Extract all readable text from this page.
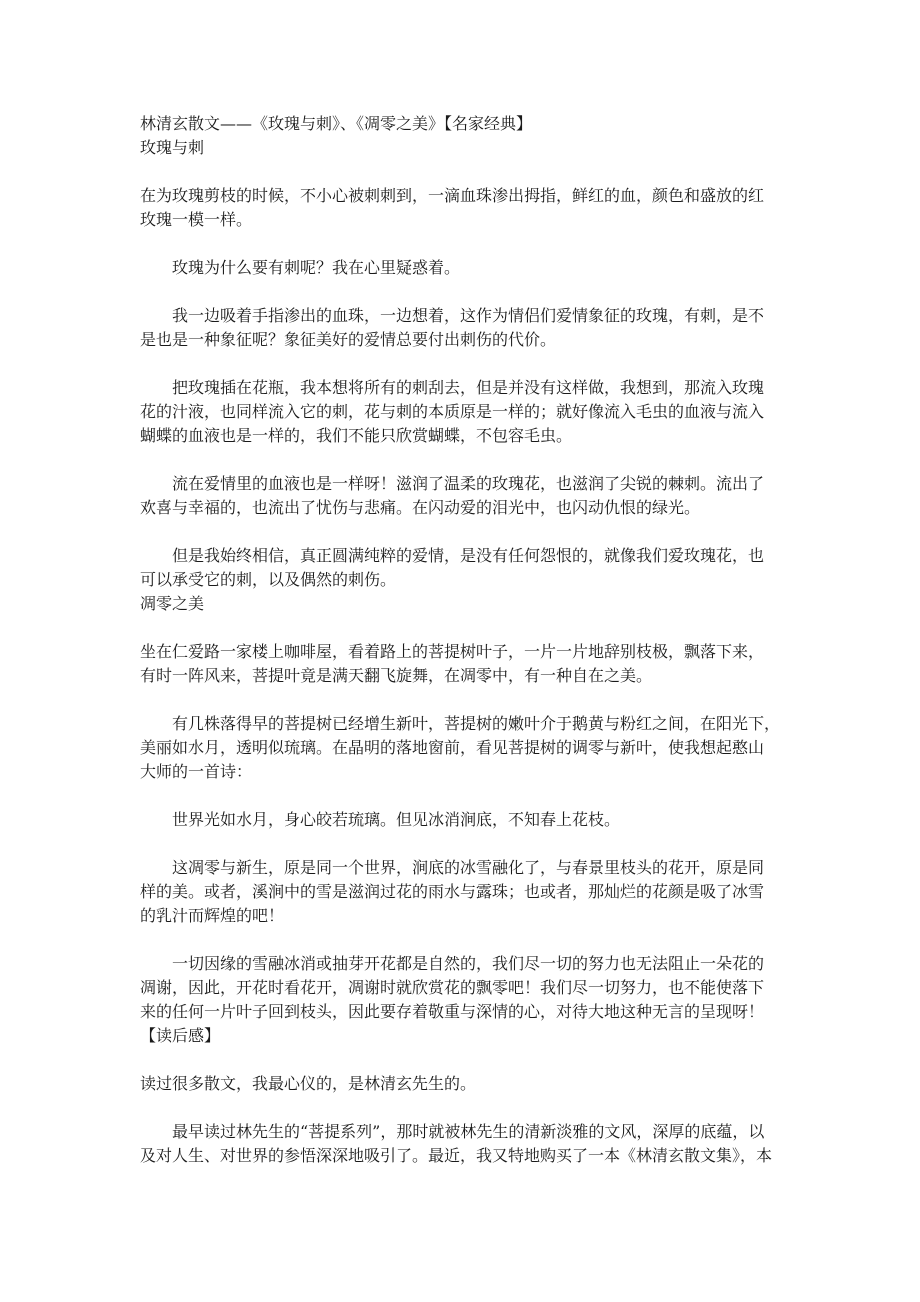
林清玄散文——《玫瑰与刺》、《凋零之美》【名家经典】
玫瑰与刺

在为玫瑰剪枝的时候，不小心被刺刺到，一滴血珠渗出拇指，鲜红的血，颜色和盛放的红
玫瑰一模一样。

玫瑰为什么要有刺呢？我在心里疑惑着。

我一边吸着手指渗出的血珠，一边想着，这作为情侣们爱情象征的玫瑰，有刺，是不

是也是一种象征呢？象征美好的爱情总要付出刺伤的代价。

把玫瑰插在花瓶，我本想将所有的刺刮去，但是并没有这样做，我想到，那流入玫瑰

花的汁液，也同样流入它的刺，花与刺的本质原是一样的；就好像流入毛虫的血液与流入
蝴蝶的血液也是一样的，我们不能只欣赏蝴蝶，不包容毛虫。

流在爱情里的血液也是一样呀！滋润了温柔的玫瑰花，也滋润了尖锐的棘刺。流出了

欢喜与幸福的，也流出了忧伤与悲痛。在闪动爱的泪光中，也闪动仇恨的绿光。

但是我始终相信，真正圆满纯粹的爱情，是没有任何怨恨的，就像我们爱玫瑰花，也

可以承受它的刺，以及偶然的刺伤。

凋零之美

坐在仁爱路一家楼上咖啡屋，看着路上的菩提树叶子，一片一片地辞别枝极，飘落下来，
有时一阵风来，菩提叶竟是满天翻飞旋舞，在凋零中，有一种自在之美。

有几株落得早的菩提树已经增生新叶，菩提树的嫩叶介于鹅黄与粉红之间，在阳光下，

美丽如水月，透明似琉璃。在晶明的落地窗前，看见菩提树的调零与新叶，使我想起憨山
大师的一首诗：

世界光如水月，身心皎若琉璃。但见冰消涧底，不知春上花枝。

这凋零与新生，原是同一个世界，涧底的冰雪融化了，与春景里枝头的花开，原是同

样的美。或者，溪涧中的雪是滋润过花的雨水与露珠；也或者，那灿烂的花颜是吸了冰雪
的乳汁而辉煌的吧！

一切因缘的雪融冰消或抽芽开花都是自然的，我们尽一切的努力也无法阻止一朵花的

凋谢，因此，开花时看花开，凋谢时就欣赏花的飘零吧！我们尽一切努力，也不能使落下
来的任何一片叶子回到枝头，因此要存着敬重与深情的心，对待大地这种无言的呈现呀！

【读后感】

读过很多散文，我最心仪的，是林清玄先生的。

最早读过林先生的“菩提系列”，那时就被林先生的清新淡雅的文风，深厚的底蕴，以

及对人生、对世界的参悟深深地吸引了。最近，我又特地购买了一本《林清玄散文集》，本
